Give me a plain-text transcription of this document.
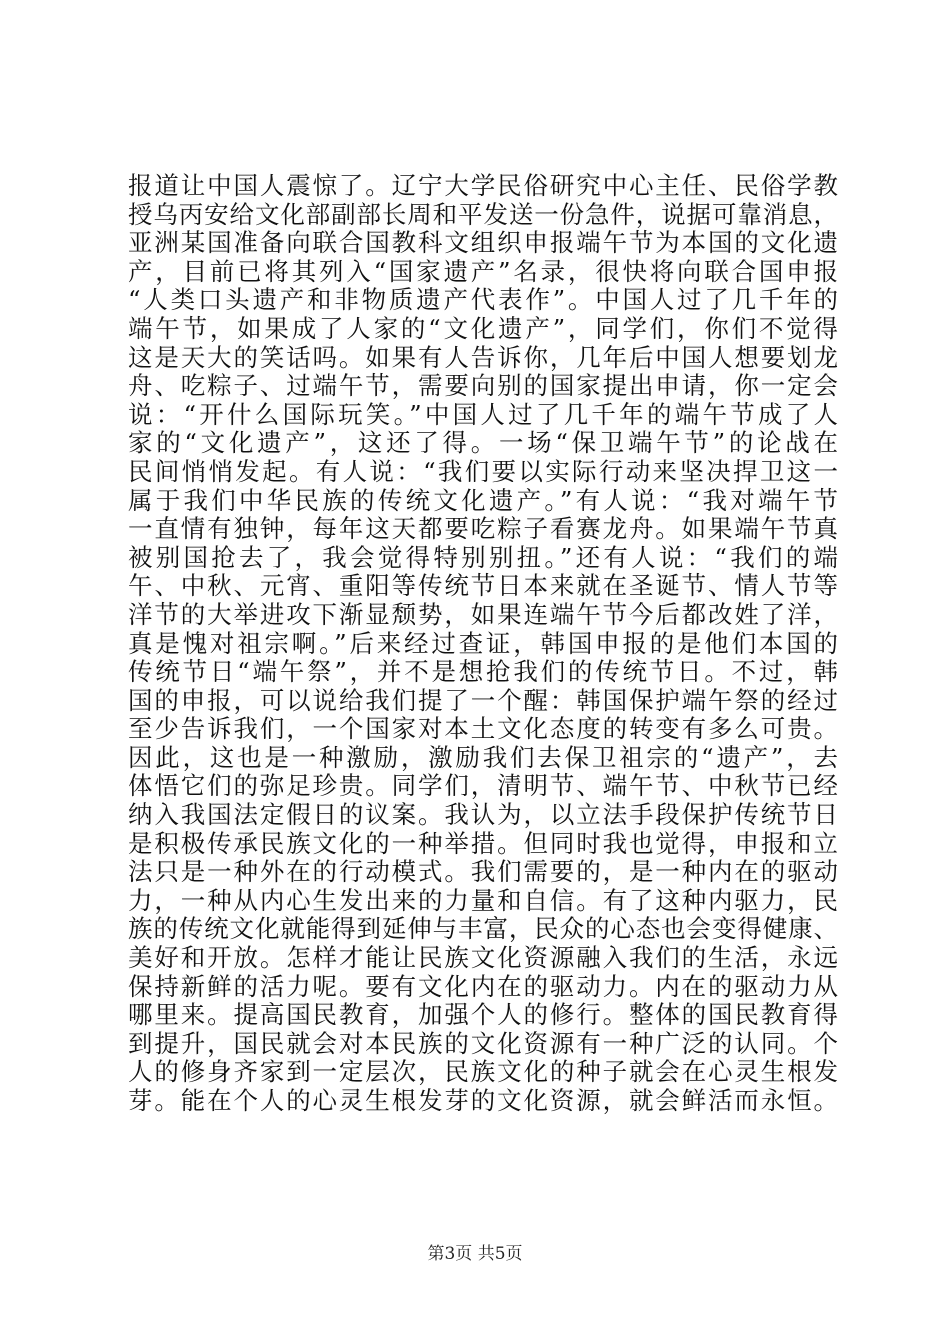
报道让中国人震惊了。辽宁大学民俗研究中心主任、民俗学教
授乌丙安给文化部副部长周和平发送一份急件，说据可靠消息，
亚洲某国准备向联合国教科文组织申报端午节为本国的文化遗
产，目前已将其列入“国家遗产”名录，很快将向联合国申报
“人类口头遗产和非物质遗产代表作”。中国人过了几千年的
端午节，如果成了人家的“文化遗产”，同学们，你们不觉得
这是天大的笑话吗。如果有人告诉你，几年后中国人想要划龙
舟、吃粽子、过端午节，需要向别的国家提出申请，你一定会
说：“开什么国际玩笑。”中国人过了几千年的端午节成了人
家的“文化遗产”，这还了得。一场“保卫端午节”的论战在
民间悄悄发起。有人说：“我们要以实际行动来坚决捍卫这一
属于我们中华民族的传统文化遗产。”有人说：“我对端午节
一直情有独钟，每年这天都要吃粽子看赛龙舟。如果端午节真
被别国抢去了，我会觉得特别别扭。”还有人说：“我们的端
午、中秋、元宵、重阳等传统节日本来就在圣诞节、情人节等
洋节的大举进攻下渐显颓势，如果连端午节今后都改姓了洋，
真是愧对祖宗啊。”后来经过查证，韩国申报的是他们本国的
传统节日“端午祭”，并不是想抢我们的传统节日。不过，韩
国的申报，可以说给我们提了一个醒：韩国保护端午祭的经过
至少告诉我们，一个国家对本土文化态度的转变有多么可贵。
因此，这也是一种激励，激励我们去保卫祖宗的“遗产”，去
体悟它们的弥足珍贵。同学们，清明节、端午节、中秋节已经
纳入我国法定假日的议案。我认为，以立法手段保护传统节日
是积极传承民族文化的一种举措。但同时我也觉得，申报和立
法只是一种外在的行动模式。我们需要的，是一种内在的驱动
力，一种从内心生发出来的力量和自信。有了这种内驱力，民
族的传统文化就能得到延伸与丰富，民众的心态也会变得健康、
美好和开放。怎样才能让民族文化资源融入我们的生活，永远
保持新鲜的活力呢。要有文化内在的驱动力。内在的驱动力从
哪里来。提高国民教育，加强个人的修行。整体的国民教育得
到提升，国民就会对本民族的文化资源有一种广泛的认同。个
人的修身齐家到一定层次，民族文化的种子就会在心灵生根发
芽。能在个人的心灵生根发芽的文化资源，就会鲜活而永恒。
第3页 共5页
